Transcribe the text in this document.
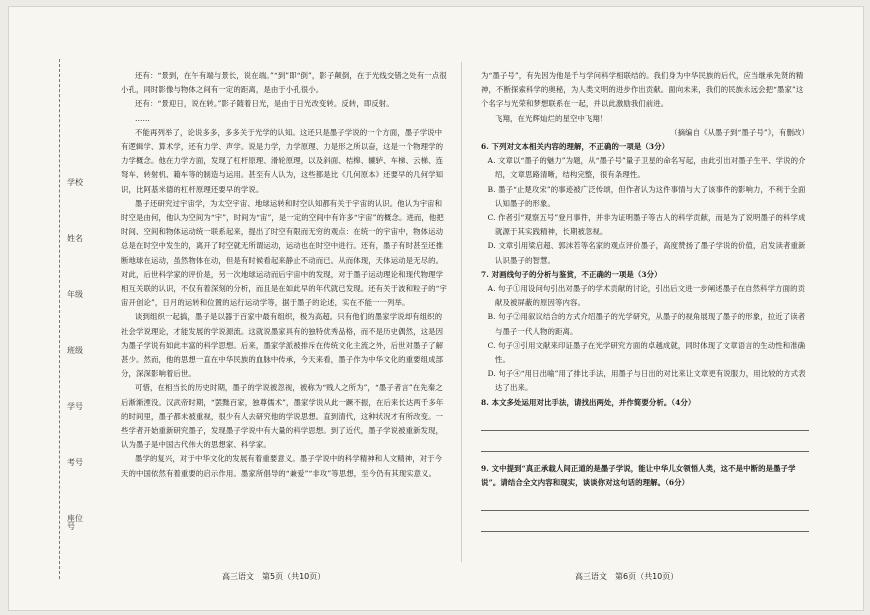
学校
姓名
年级
班级
学号
考号
座位号

还有：“景到，在午有端与景长，说在端。”“到”即“倒”，影子颠倒，在于光线交错之处有一点很小孔，同时影像与物体之间有一定的距离，是由于小孔很小。

还有：“景迎日，说在转。”影子随着日光，是由于日光改变转。反转，即反射。

……

不能再列举了，论说多多，多多关于光学的认知。这还只是墨子学说的一个方面，墨子学说中有逻辑学、算术学，还有力学、声学。说是力学，力学原理、力是形之所以奋，这是一个物理学的力学概念。他在力学方面，发现了杠杆原理、滑轮原理，以及斜面、桔槔、辘轳、车梯、云梯、连弩车、转射机、籍车等的制造与运用。甚至有人认为，这些都是比《几何原本》还要早的几何学知识，比阿基米德的杠杆原理还要早的学说。

墨子还研究过宇宙学，为太空宇宙、地球运转和时空认知都有关于宇宙的认识。他认为宇宙和时空是由何，他认为空间为“宇”，时间为“宙”，是一定的空间中有许多“宇宙”的概念。进而，他把时间、空间和物体运动统一联系起来，提出了时空有限而无穷的观点：在统一的宇宙中，物体运动总是在时空中发生的，离开了时空就无所谓运动，运动也在时空中进行。还有，墨子有时甚至还推断地球在运动，虽然物体在动，但是有时候看起来静止不动而已。从而体现，天体运动是无尽的。对此，后世科学家的评价是，另一次地球运动而后宇宙中的发现，对于墨子运动理论和现代物理学相互关联的认识，不仅有着深刻的分析，而且是在如此早的年代就已发现。还有关于波和粒子的“宇宙开创论”，日月的运转和位置的运行运动学等，据于墨子的论述，实在不能一一列举。

谈到组织一起搞，墨子是以器于百家中最有组织，极为高超。只有他们的墨家学说却有组织的社会学说理论，才能发展的学说源流。这就说墨家具有的独特优秀品格，而不是历史偶然，这是因为墨子学说有如此丰富的科学思想。后来，墨家学派被排斥在传统文化主流之外，后世对墨子了解甚少。然而，他的思想一直在中华民族的血脉中传承，今天来看，墨子作为中华文化的重要组成部分，深深影响着后世。

可惜，在相当长的历史时期，墨子的学说被忽视，被称为“贱人之所为”，“墨子者言”在先秦之后渐渐湮没。汉武帝时期，“罢黜百家，独尊儒术”，墨家学说从此一蹶不振，在后来长达两千多年的时间里，墨子都未被重视，很少有人去研究他的学说思想。直到清代，这种状况才有所改变。一些学者开始重新研究墨子，发现墨子学说中有大量的科学思想。到了近代，墨子学说被重新发现，认为墨子是中国古代伟大的思想家、科学家。

墨学的复兴，对于中华文化的发展有着重要意义。墨子学说中的科学精神和人文精神，对于今天的中国依然有着重要的启示作用。墨家所倡导的“兼爱”“非攻”等思想，至今仍有其现实意义。

为“墨子号”，有先因为他是千与学问科学相联结的。我们身为中华民族的后代，应当继承先贤的精神，不断探索科学的奥秘，为人类文明的进步作出贡献。面向未来，我们的民族永远会把“墨家”这个名字与光荣和梦想联系在一起，并以此激励我们前进。

飞翔，在光辉灿烂的星空中飞翔！

（摘编自《从墨子到“墨子号”》，有删改）

6. 下列对文本相关内容的理解，不正确的一项是（3分）

A. 文章以“墨子的魅力”为题，从“墨子号”量子卫星的命名写起，由此引出对墨子生平、学说的介绍，文章思路清晰，结构完整，很有条理性。

B. 墨子“止楚攻宋”的事迹被广泛传颂，但作者认为这件事情与大了该事件的影响力，不利于全面认知墨子的形象。

C. 作者引“观察五号”登月事件，并非为证明墨子等古人的科学贡献，而是为了说明墨子的科学成就源于其实践精神，长期被忽视。

D. 文章引用梁启超、郭沫若等名家的观点评价墨子，高度赞扬了墨子学说的价值，启发读者重新认识墨子的智慧。

7. 对画线句子的分析与鉴赏，不正确的一项是（3分）

A. 句子①用设问句引出对墨子的学术贡献的讨论，引出后文进一步阐述墨子在自然科学方面的贡献及被屏蔽的原因等内容。

B. 句子②用叙议结合的方式介绍墨子的光学研究，从墨子的视角展现了墨子的形象，拉近了读者与墨子一代人物的距离。

C. 句子③引用文献来印证墨子在光学研究方面的卓越成就，同时体现了文章语言的生动性和准确性。

D. 句子④“用日出喻”用了排比手法，用墨子与日出的对比来让文章更有说服力，用比较的方式表达了出来。

8. 本文多处运用对比手法，请找出两处，并作简要分析。（4分）

9. 文中提到“真正承载人间正道的是墨子学说，能让中华儿女领悟人类，这不是中断的是墨子学说”。请结合全文内容和现实，谈谈你对这句话的理解。（6分）

高三语文　第5页（共10页）	高三语文　第6页（共10页）
